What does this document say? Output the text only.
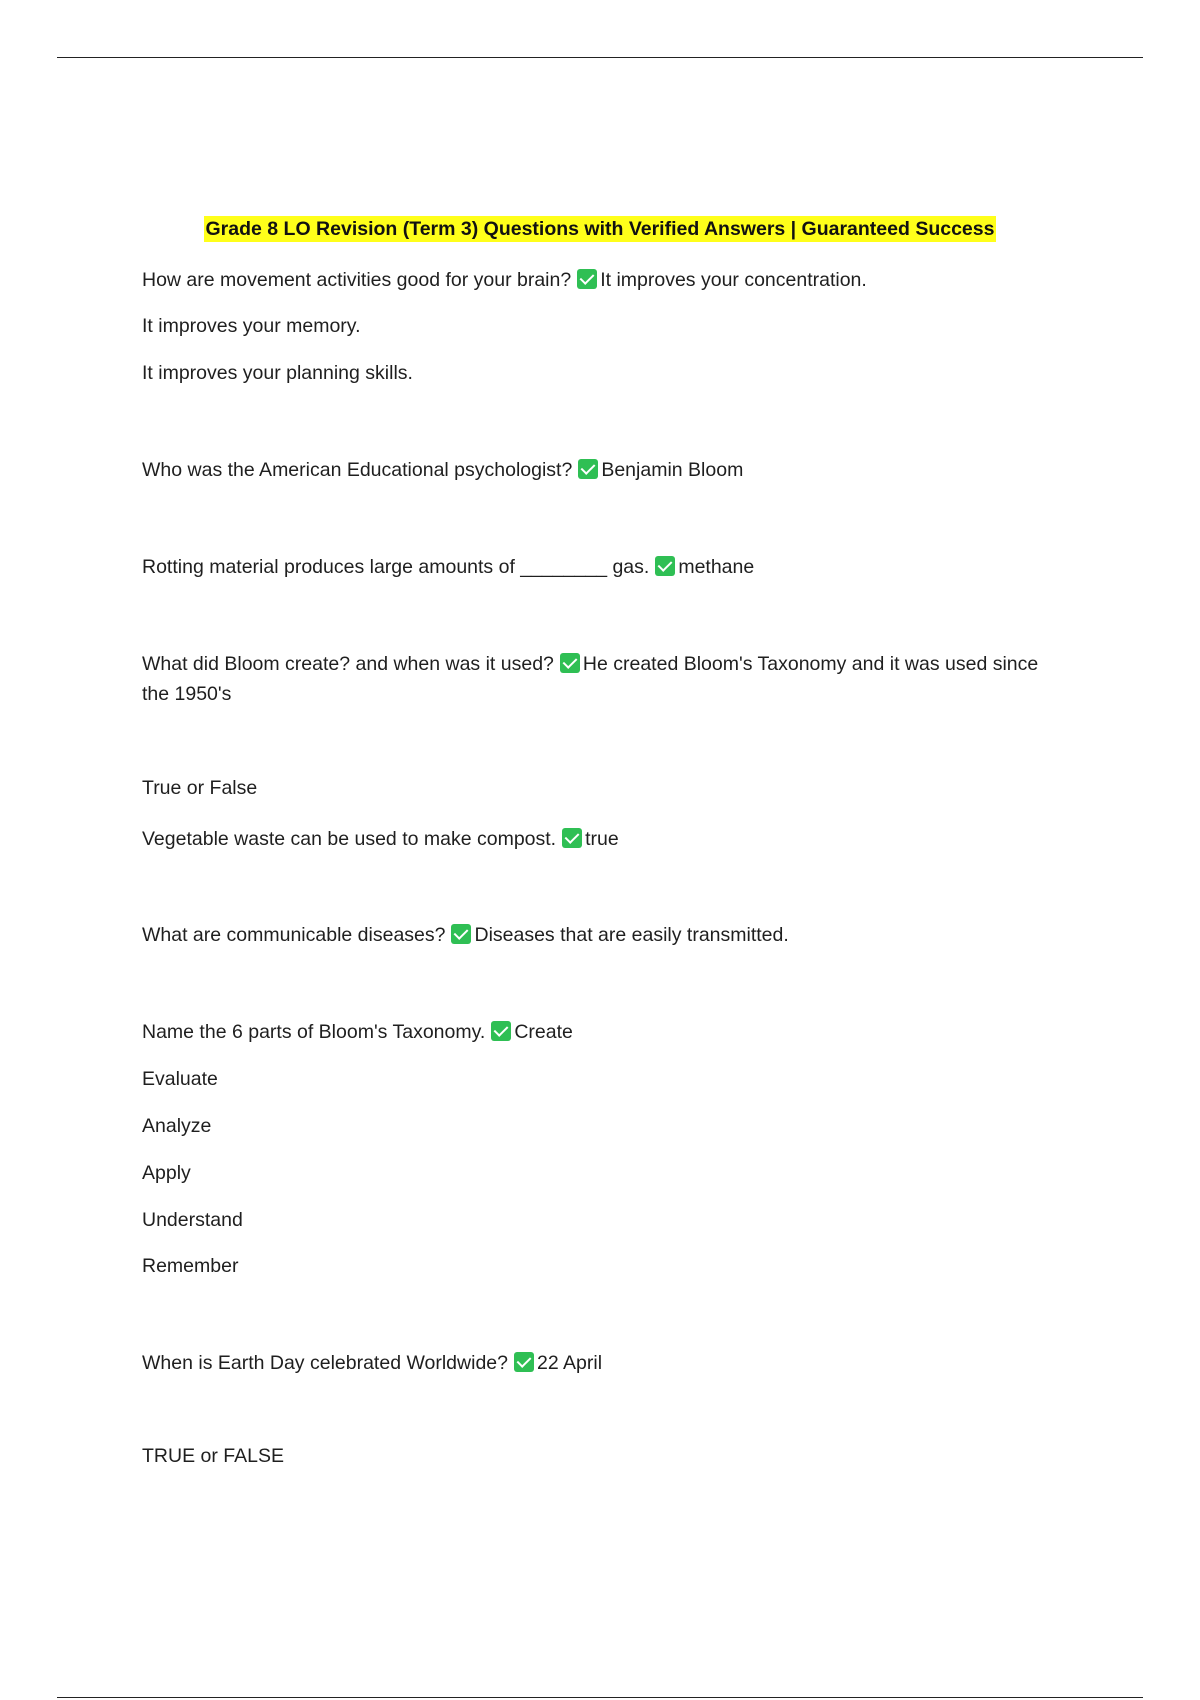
Grade 8 LO Revision (Term 3) Questions with Verified Answers | Guaranteed Success
How are movement activities good for your brain? It improves your concentration.
It improves your memory.
It improves your planning skills.
Who was the American Educational psychologist? Benjamin Bloom
Rotting material produces large amounts of ________ gas. methane
What did Bloom create? and when was it used? He created Bloom's Taxonomy and it was used since the 1950's
True or False
Vegetable waste can be used to make compost. true
What are communicable diseases? Diseases that are easily transmitted.
Name the 6 parts of Bloom's Taxonomy. Create
Evaluate
Analyze
Apply
Understand
Remember
When is Earth Day celebrated Worldwide? 22 April
TRUE or FALSE
